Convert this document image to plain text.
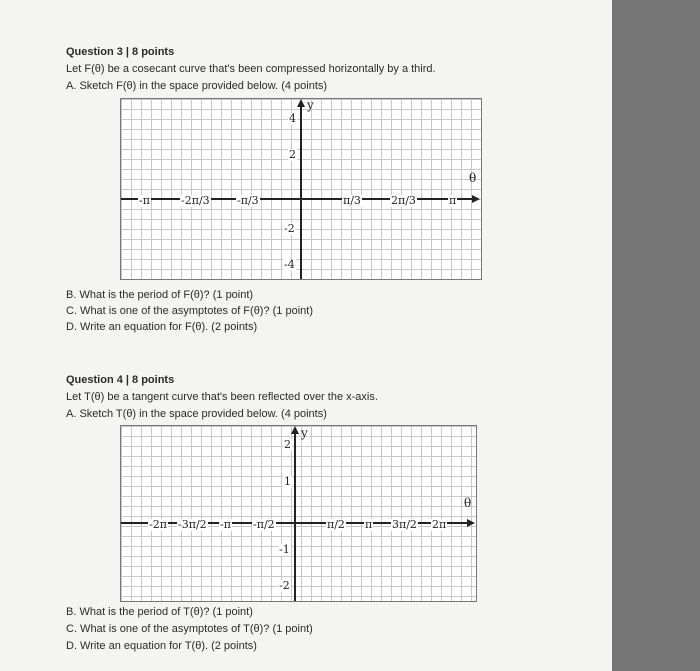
Question 3 | 8 points
Let F(θ) be a cosecant curve that's been compressed horizontally by a third.
A. Sketch F(θ) in the space provided below. (4 points)
y
θ
-π	-2π/3 -π/3	π/3	2π/3	π
4
2
-2
-4
B. What is the period of F(θ)? (1 point)
C. What is one of the asymptotes of F(θ)? (1 point)
D. Write an equation for F(θ). (2 points)
Question 4 | 8 points
Let T(θ) be a tangent curve that's been reflected over the x-axis.
A. Sketch T(θ) in the space provided below. (4 points)
y
θ
-2π -3π/2 -π -π/2	π/2 π 3π/2 2π
2
1
-1
-2
B. What is the period of T(θ)? (1 point)
C. What is one of the asymptotes of T(θ)? (1 point)
D. Write an equation for T(θ). (2 points)
